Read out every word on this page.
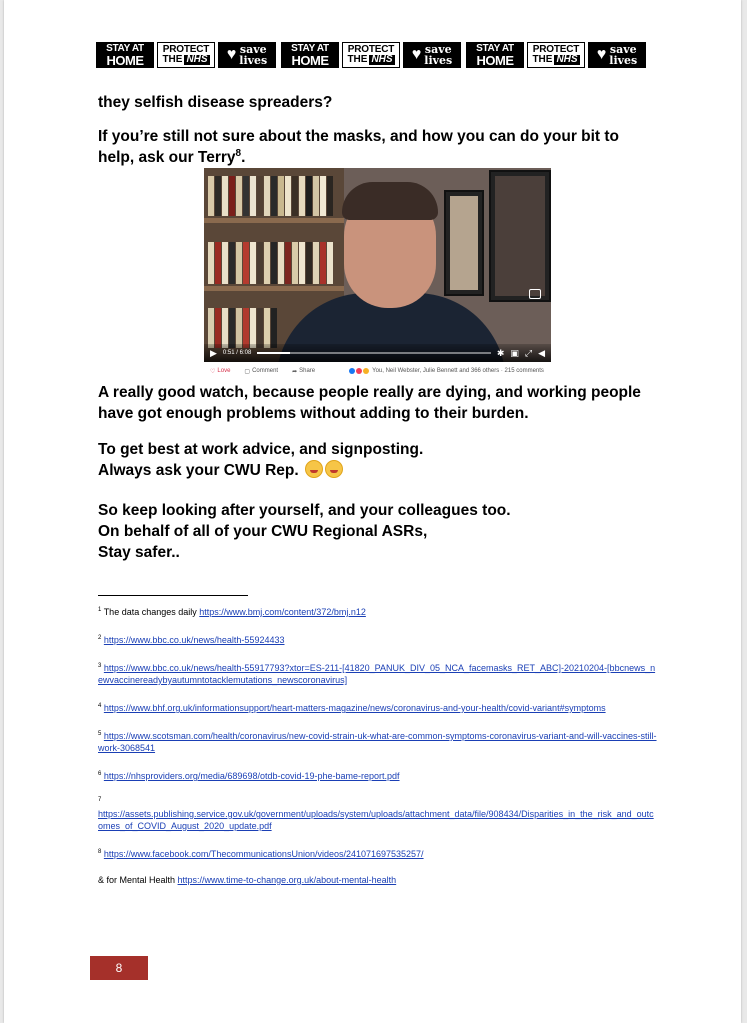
STAY AT
HOME
PROTECT
THE NHS ♥ save
lives
STAY AT
HOME
PROTECT
THE NHS ♥ save
lives
STAY AT
HOME
PROTECT
THE NHS ♥ save
lives

they selfish disease spreaders?

If you’re still not sure about the masks, and how you can do your bit to help, ask our Terry$^8$.

▶ 0:51 / 6:08	✱ ▣ ⤢ ◀
♡ Love ▢ Comment ➦ Share	You, Neil Webster, Julie Bennett and 366 others · 215 comments

A really good watch, because people really are dying, and working people have got enough problems without adding to their burden.

To get best at work advice, and signposting.
Always ask your CWU Rep.

So keep looking after yourself, and your colleagues too.
On behalf of all of your CWU Regional ASRs,
Stay safer..

$^1$ The data changes daily https://www.bmj.com/content/372/bmj.n12
$^2$ https://www.bbc.co.uk/news/health-55924433
$^3$ https://www.bbc.co.uk/news/health-55917793?xtor=ES-211-[41820_PANUK_DIV_05_NCA_facemasks_RET_ABC]-20210204-[bbcnews_newvaccinereadybyautumntotacklemutations_newscoronavirus]
$^4$ https://www.bhf.org.uk/informationsupport/heart-matters-magazine/news/coronavirus-and-your-health/covid-variant#symptoms
$^5$ https://www.scotsman.com/health/coronavirus/new-covid-strain-uk-what-are-common-symptoms-coronavirus-variant-and-will-vaccines-still-work-3068541
$^6$ https://nhsproviders.org/media/689698/otdb-covid-19-phe-bame-report.pdf
$^7$
https://assets.publishing.service.gov.uk/government/uploads/system/uploads/attachment_data/file/908434/Disparities_in_the_risk_and_outcomes_of_COVID_August_2020_update.pdf
$^8$ https://www.facebook.com/ThecommunicationsUnion/videos/241071697535257/
& for Mental Health https://www.time-to-change.org.uk/about-mental-health
8
